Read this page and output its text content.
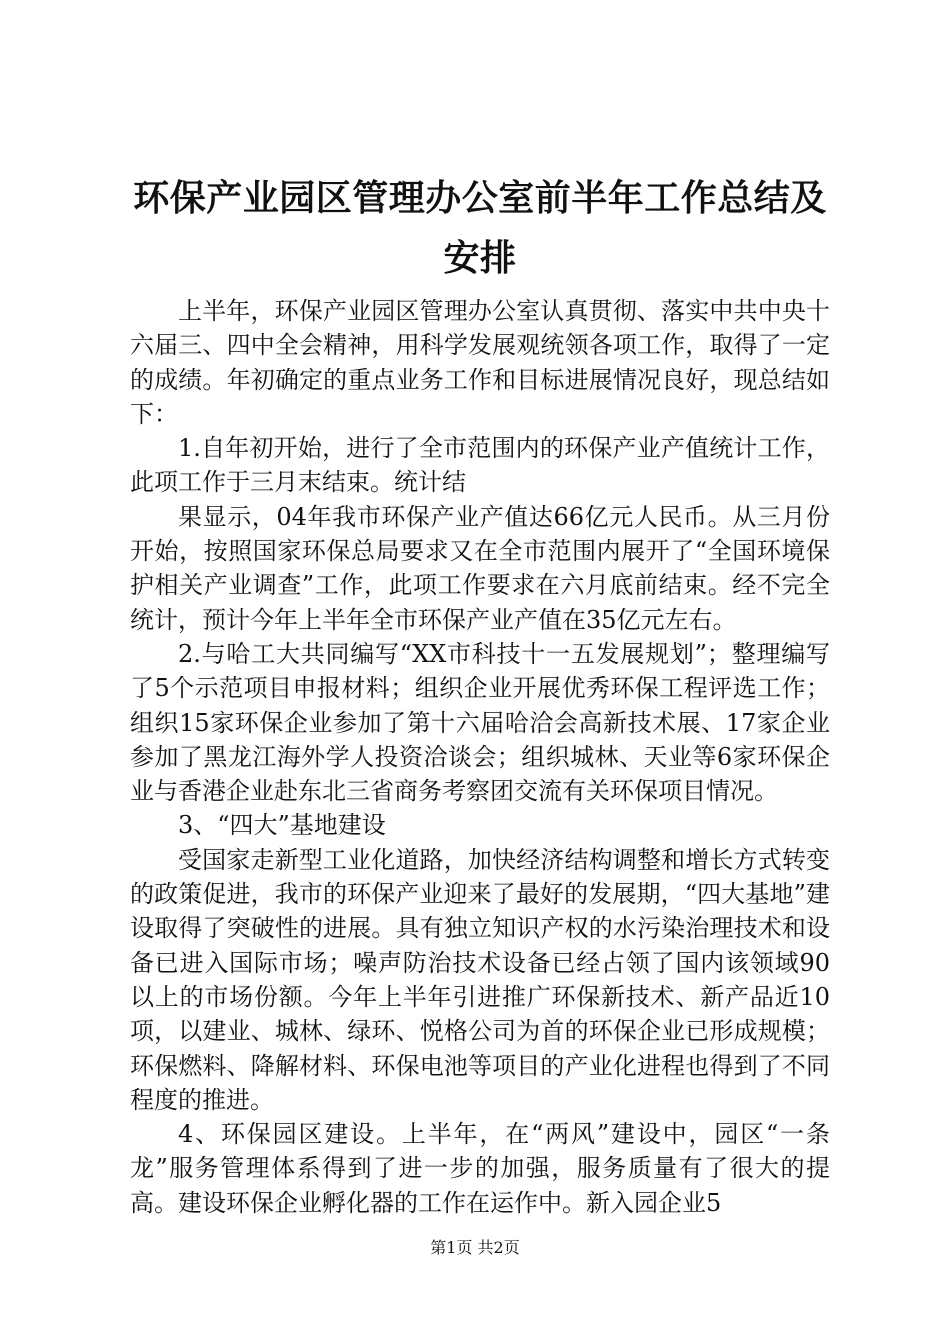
环保产业园区管理办公室前半年工作总结及安排

上半年，环保产业园区管理办公室认真贯彻、落实中共中央十六届三、四中全会精神，用科学发展观统领各项工作，取得了一定的成绩。年初确定的重点业务工作和目标进展情况良好，现总结如下：

1.自年初开始，进行了全市范围内的环保产业产值统计工作，此项工作于三月末结束。统计结

果显示，04年我市环保产业产值达66亿元人民币。从三月份开始，按照国家环保总局要求又在全市范围内展开了“全国环境保护相关产业调查”工作，此项工作要求在六月底前结束。经不完全统计，预计今年上半年全市环保产业产值在35亿元左右。

2.与哈工大共同编写“XX市科技十一五发展规划”；整理编写了5个示范项目申报材料；组织企业开展优秀环保工程评选工作；组织15家环保企业参加了第十六届哈洽会高新技术展、17家企业参加了黑龙江海外学人投资洽谈会；组织城林、天业等6家环保企业与香港企业赴东北三省商务考察团交流有关环保项目情况。

3、“四大”基地建设

受国家走新型工业化道路，加快经济结构调整和增长方式转变的政策促进，我市的环保产业迎来了最好的发展期，“四大基地”建设取得了突破性的进展。具有独立知识产权的水污染治理技术和设备已进入国际市场；噪声防治技术设备已经占领了国内该领域90以上的市场份额。今年上半年引进推广环保新技术、新产品近10项，以建业、城林、绿环、悦格公司为首的环保企业已形成规模；环保燃料、降解材料、环保电池等项目的产业化进程也得到了不同程度的推进。

4、环保园区建设。上半年，在“两风”建设中，园区“一条龙”服务管理体系得到了进一步的加强，服务质量有了很大的提高。建设环保企业孵化器的工作在运作中。新入园企业5

第1页 共2页
